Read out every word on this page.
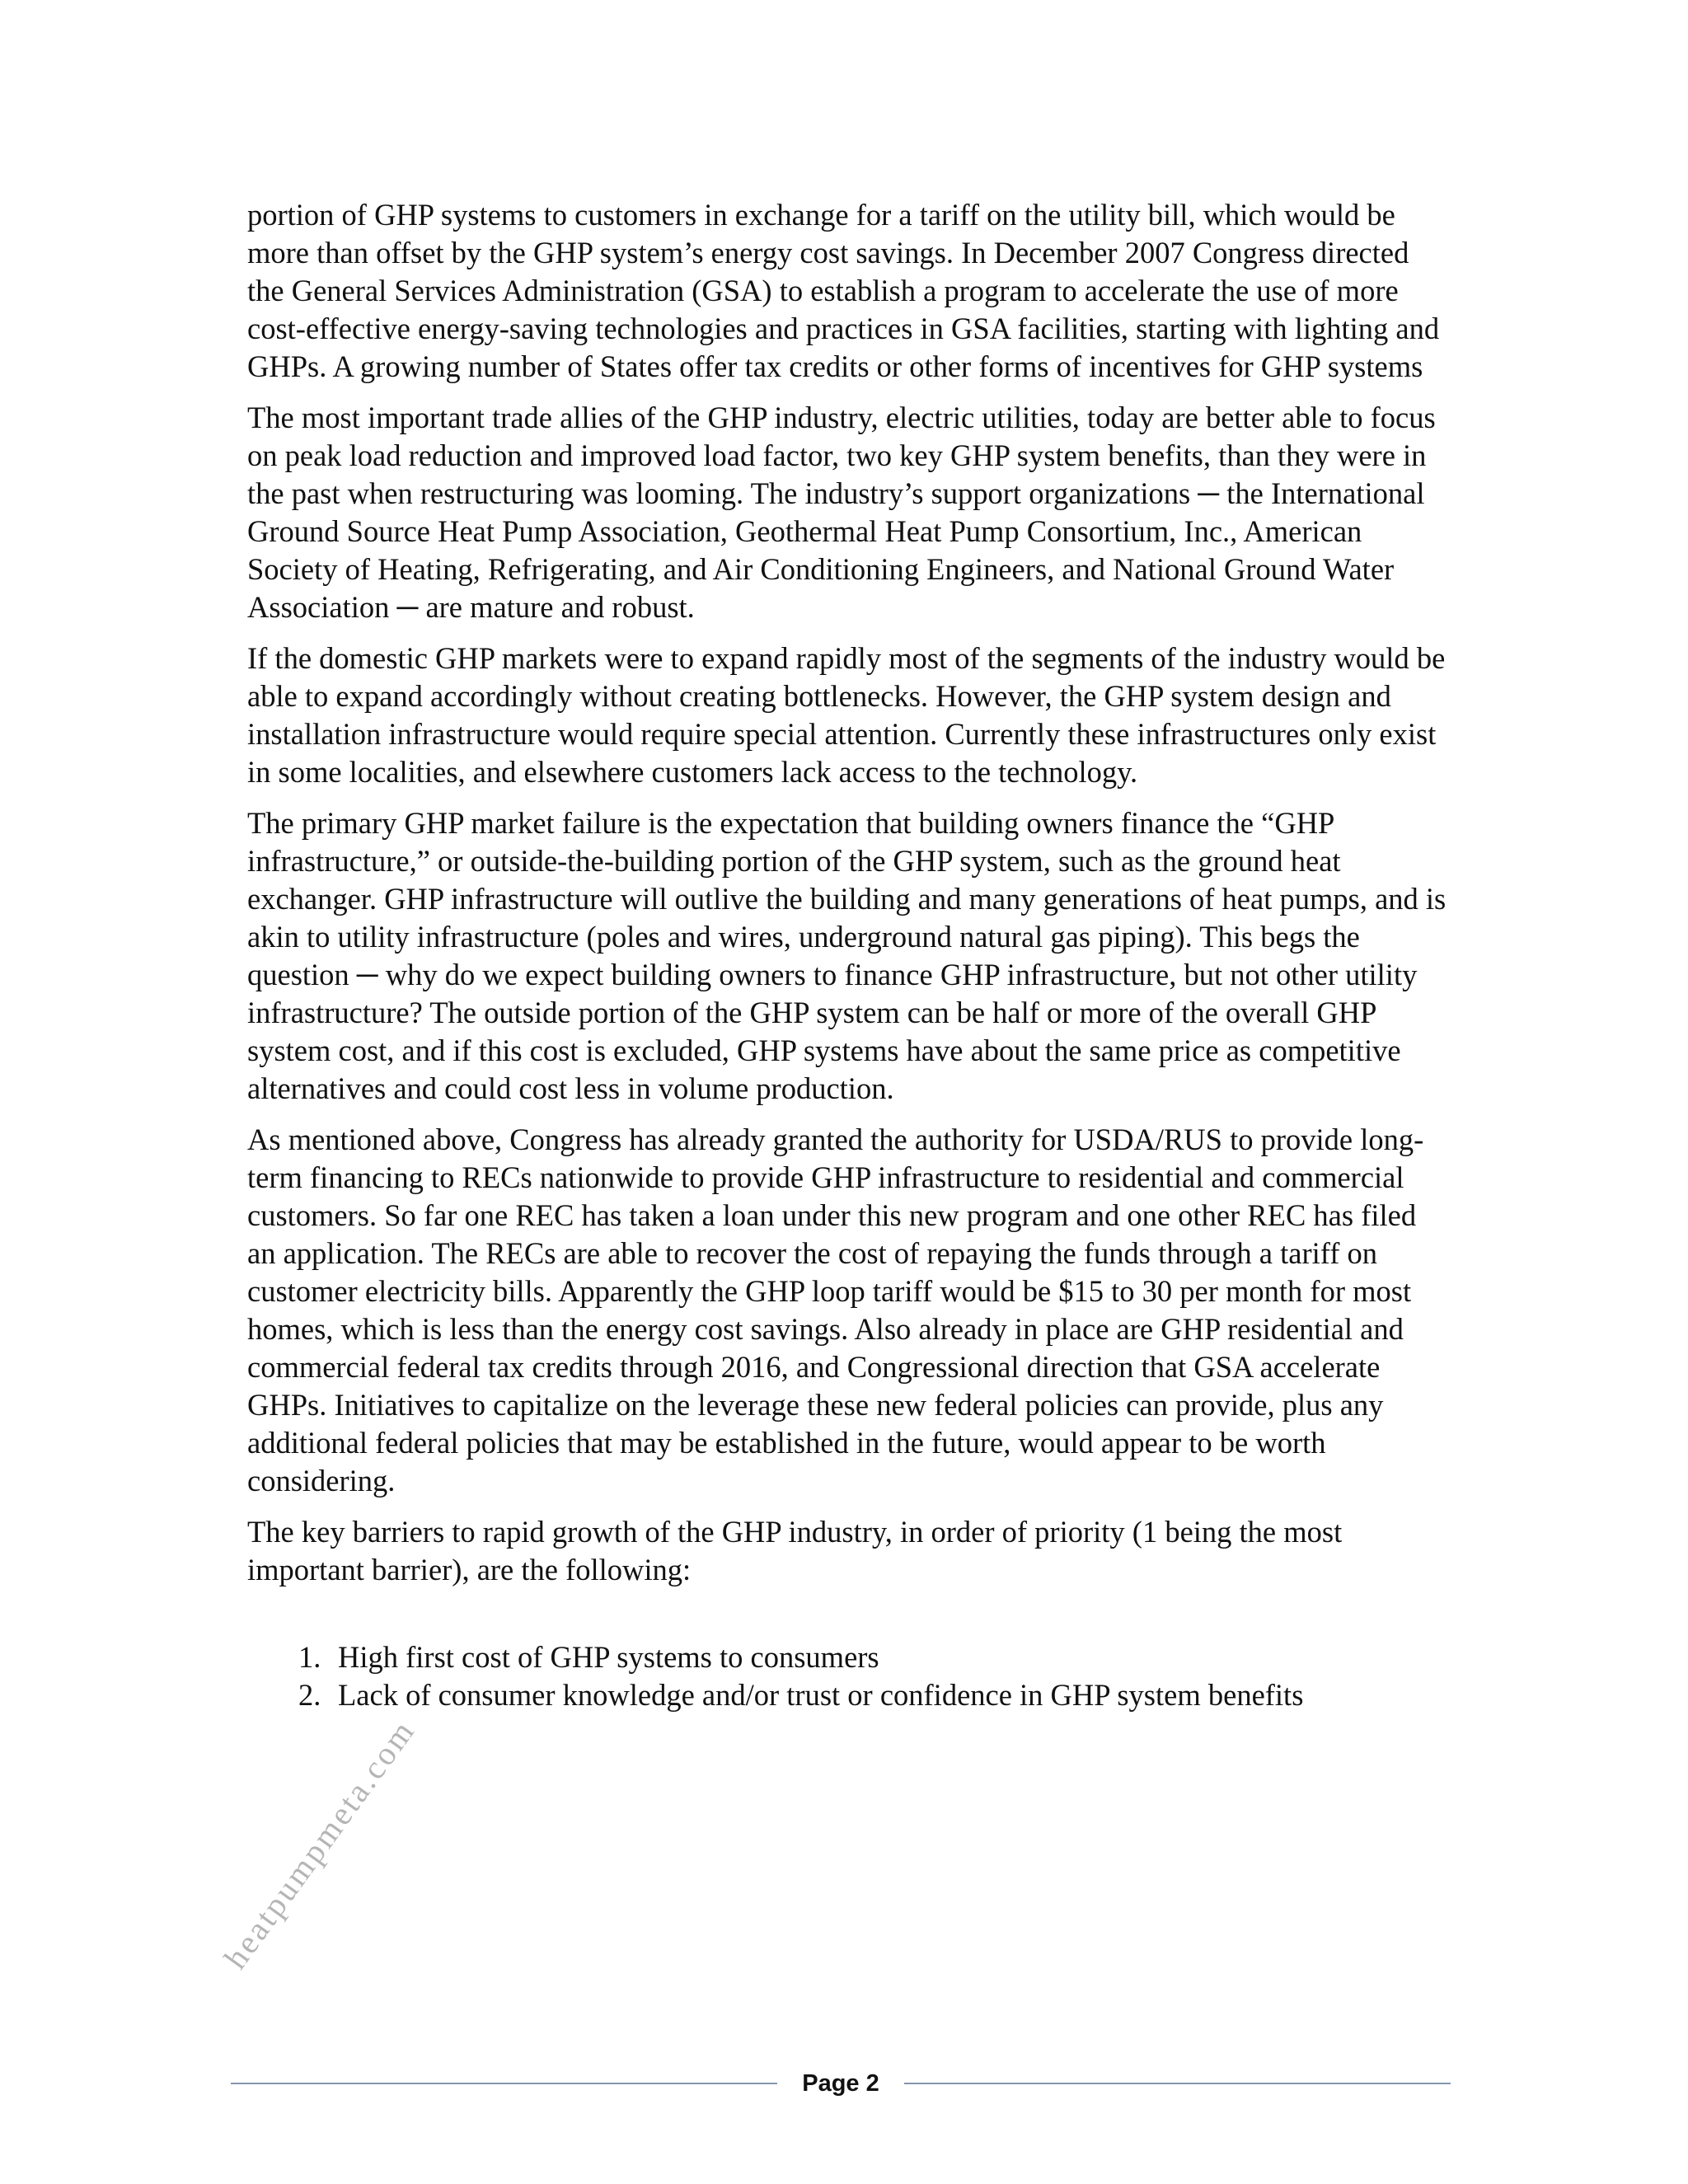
portion of GHP systems to customers in exchange for a tariff on the utility bill, which would be more than offset by the GHP system’s energy cost savings. In December 2007 Congress directed the General Services Administration (GSA) to establish a program to accelerate the use of more cost-effective energy-saving technologies and practices in GSA facilities, starting with lighting and GHPs. A growing number of States offer tax credits or other forms of incentives for GHP systems

The most important trade allies of the GHP industry, electric utilities, today are better able to focus on peak load reduction and improved load factor, two key GHP system benefits, than they were in the past when restructuring was looming. The industry’s support organizations ─ the International Ground Source Heat Pump Association, Geothermal Heat Pump Consortium, Inc., American Society of Heating, Refrigerating, and Air Conditioning Engineers, and National Ground Water Association ─ are mature and robust.

If the domestic GHP markets were to expand rapidly most of the segments of the industry would be able to expand accordingly without creating bottlenecks. However, the GHP system design and installation infrastructure would require special attention. Currently these infrastructures only exist in some localities, and elsewhere customers lack access to the technology.

The primary GHP market failure is the expectation that building owners finance the “GHP infrastructure,” or outside-the-building portion of the GHP system, such as the ground heat exchanger. GHP infrastructure will outlive the building and many generations of heat pumps, and is akin to utility infrastructure (poles and wires, underground natural gas piping). This begs the question ─ why do we expect building owners to finance GHP infrastructure, but not other utility infrastructure? The outside portion of the GHP system can be half or more of the overall GHP system cost, and if this cost is excluded, GHP systems have about the same price as competitive alternatives and could cost less in volume production.

As mentioned above, Congress has already granted the authority for USDA/RUS to provide long-term financing to RECs nationwide to provide GHP infrastructure to residential and commercial customers. So far one REC has taken a loan under this new program and one other REC has filed an application. The RECs are able to recover the cost of repaying the funds through a tariff on customer electricity bills. Apparently the GHP loop tariff would be $15 to 30 per month for most homes, which is less than the energy cost savings. Also already in place are GHP residential and commercial federal tax credits through 2016, and Congressional direction that GSA accelerate GHPs. Initiatives to capitalize on the leverage these new federal policies can provide, plus any additional federal policies that may be established in the future, would appear to be worth considering.

The key barriers to rapid growth of the GHP industry, in order of priority (1 being the most important barrier), are the following:

1. High first cost of GHP systems to consumers
2. Lack of consumer knowledge and/or trust or confidence in GHP system benefits
Page 2
heatpumpmeta.com
